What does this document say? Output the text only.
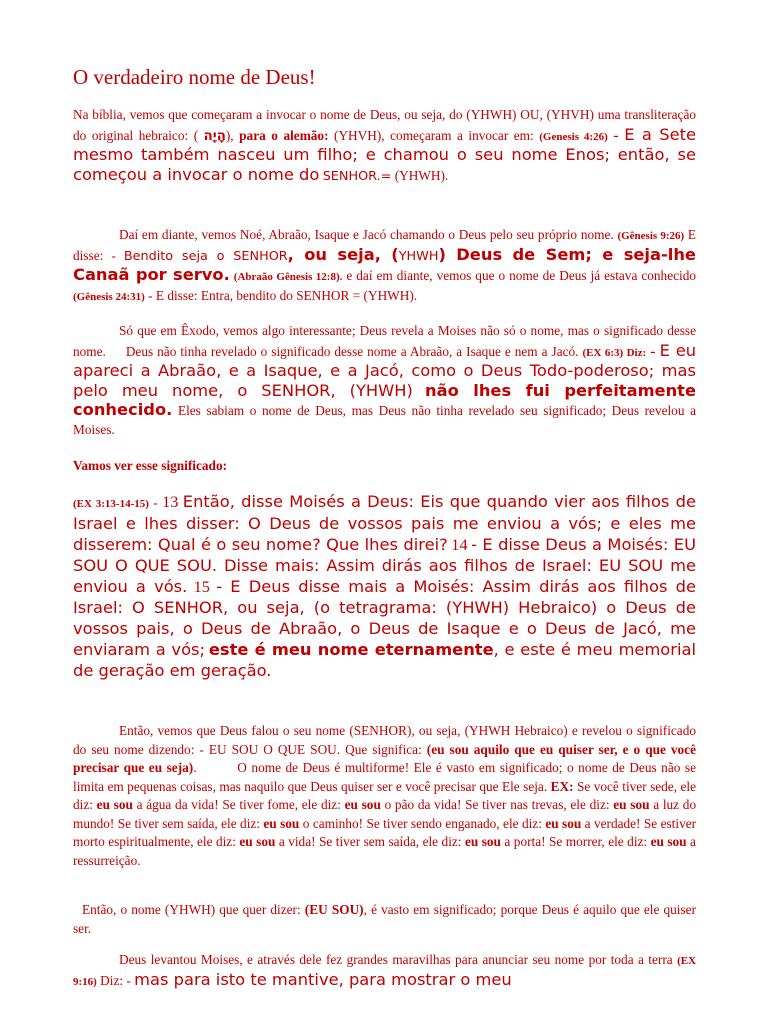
O verdadeiro nome de Deus!

Na bíblia, vemos que começaram a invocar o nome de Deus, ou seja, do (YHWH) OU, (YHVH) uma transliteração do original hebraico: ( הָיָה), para o alemão: (YHVH), começaram a invocar em: (Genesis 4:26) - E a Sete mesmo também nasceu um filho; e chamou o seu nome Enos; então, se começou a invocar o nome do SENHOR.= (YHWH).

Daí em diante, vemos Noé, Abraão, Isaque e Jacó chamando o Deus pelo seu próprio nome. (Gênesis 9:26) E disse: - Bendito seja o SENHOR, ou seja, (YHWH) Deus de Sem; e seja-lhe Canaã por servo. (Abraão Gênesis 12:8). e daí em diante, vemos que o nome de Deus já estava conhecido (Gênesis 24:31) - E disse: Entra, bendito do SENHOR = (YHWH).

Só que em Êxodo, vemos algo interessante; Deus revela a Moises não só o nome, mas o significado desse nome. Deus não tinha revelado o significado desse nome a Abraão, a Isaque e nem a Jacó. (EX 6:3) Diz: - E eu apareci a Abraão, e a Isaque, e a Jacó, como o Deus Todo-poderoso; mas pelo meu nome, o SENHOR, (YHWH) não lhes fui perfeitamente conhecido. Eles sabiam o nome de Deus, mas Deus não tinha revelado seu significado; Deus revelou a Moises.

Vamos ver esse significado:

(EX 3:13-14-15) - 13 Então, disse Moisés a Deus: Eis que quando vier aos filhos de Israel e lhes disser: O Deus de vossos pais me enviou a vós; e eles me disserem: Qual é o seu nome? Que lhes direi? 14 - E disse Deus a Moisés: EU SOU O QUE SOU. Disse mais: Assim dirás aos filhos de Israel: EU SOU me enviou a vós. 15 - E Deus disse mais a Moisés: Assim dirás aos filhos de Israel: O SENHOR, ou seja, (o tetragrama: (YHWH) Hebraico) o Deus de vossos pais, o Deus de Abraão, o Deus de Isaque e o Deus de Jacó, me enviaram a vós; este é meu nome eternamente, e este é meu memorial de geração em geração.

Então, vemos que Deus falou o seu nome (SENHOR), ou seja, (YHWH Hebraico) e revelou o significado do seu nome dizendo: - EU SOU O QUE SOU. Que significa: (eu sou aquilo que eu quiser ser, e o que você precisar que eu seja).	O nome de Deus é multiforme! Ele é vasto em significado; o nome de Deus não se limita em pequenas coisas, mas naquilo que Deus quiser ser e você precisar que Ele seja. EX: Se você tiver sede, ele diz: eu sou a água da vida! Se tiver fome, ele diz: eu sou o pão da vida! Se tiver nas trevas, ele diz: eu sou a luz do mundo! Se tiver sem saída, ele diz: eu sou o caminho! Se tiver sendo enganado, ele diz: eu sou a verdade! Se estiver morto espiritualmente, ele diz: eu sou a vida! Se tiver sem saída, ele diz: eu sou a porta! Se morrer, ele diz: eu sou a ressurreição.

Então, o nome (YHWH) que quer dizer: (EU SOU), é vasto em significado; porque Deus é aquilo que ele quiser ser.

Deus levantou Moises, e através dele fez grandes maravilhas para anunciar seu nome por toda a terra (EX 9:16) Diz: - mas para isto te mantive, para mostrar o meu
